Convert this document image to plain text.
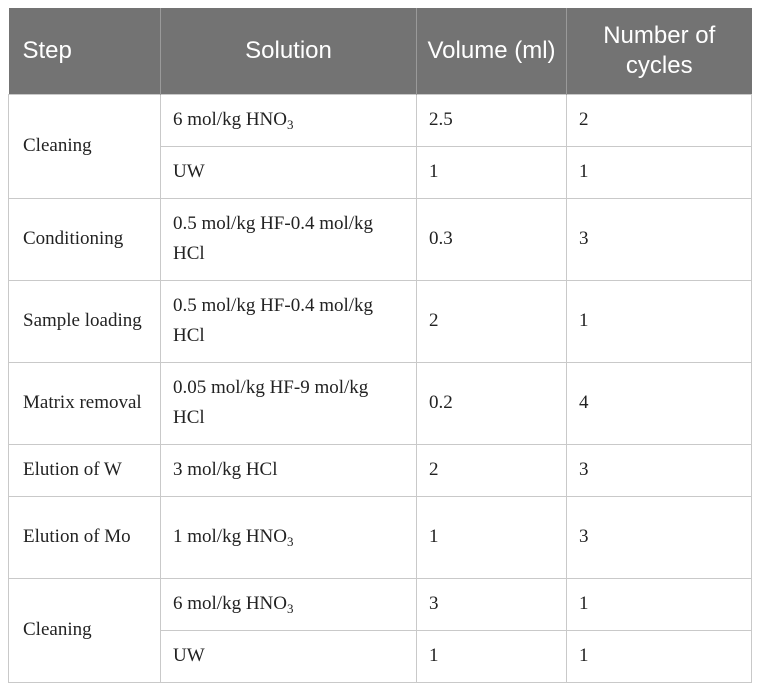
Step	Solution	Volume (ml)	Number of cycles
Cleaning	6 mol/kg $HNO_3$	2.5	2
	UW	1	1
Conditioning	0.5 mol/kg HF-0.4 mol/kg HCl	0.3	3
Sample loading	0.5 mol/kg HF-0.4 mol/kg HCl	2	1
Matrix removal	0.05 mol/kg HF-9 mol/kg HCl	0.2	4
Elution of W	3 mol/kg HCl	2	3
Elution of Mo	1 mol/kg $HNO_3$	1	3
Cleaning	6 mol/kg $HNO_3$	3	1
	UW	1	1
